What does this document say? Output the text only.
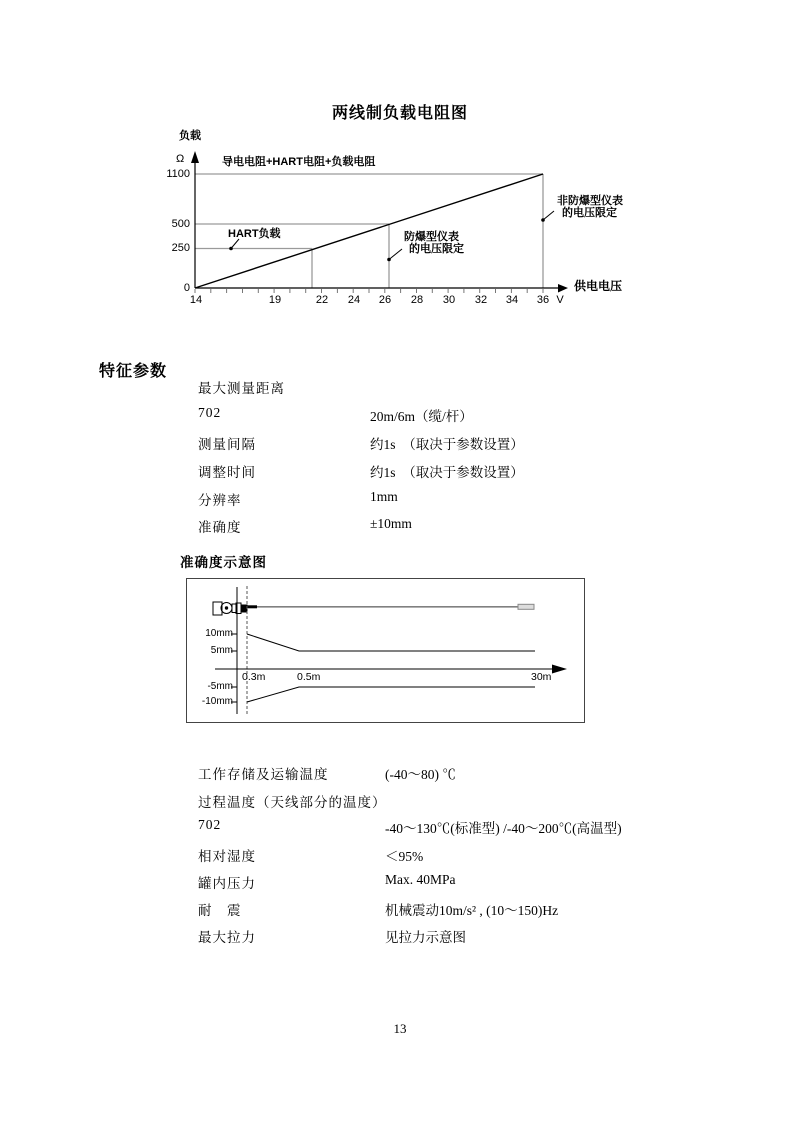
两线制负载电阻图
负载
Ω
1100
500
250
0
14	19	22 24 26 28 30 32 34 36 V
供电电压
导电电阻+HART电阻+负载电阻
HART负载	防爆型仪表
的电压限定
非防爆型仪表
的电压限定
特征参数
最大测量距离
702	20m/6m（缆/杆）
测量间隔	约1s　（取决于参数设置）
调整时间	约1s　（取决于参数设置）
分辨率	1mm
准确度	±10mm
准确度示意图
10mm
5mm
-5mm
-10mm
0.3m	0.5m	30m
工作存储及运输温度	(-40～80) ℃
过程温度（天线部分的温度）
702	-40～130℃(标准型) /-40～200℃(高温型)
相对湿度	＜95%
罐内压力	Max. 40MPa
耐　震	机械震动10m/s² , (10～150)Hz
最大拉力	见拉力示意图
13
